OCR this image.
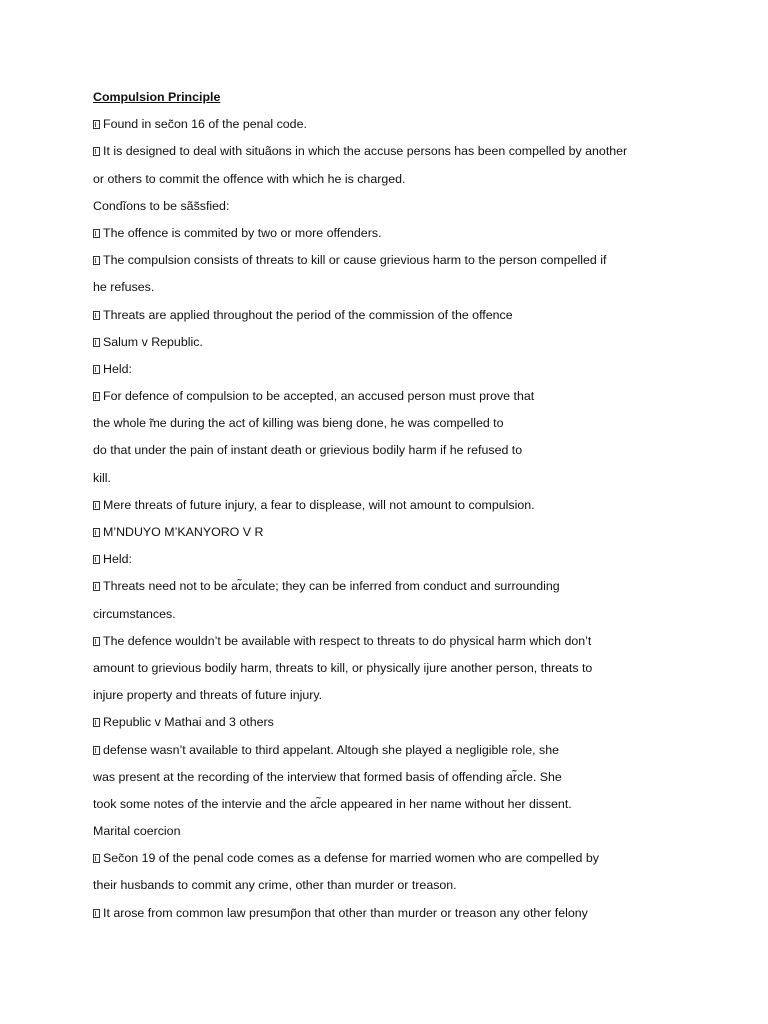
Compulsion Principle
Found in sec̃on 16 of the penal code.
It is designed to deal with situãons in which the accuse persons has been compelled by another
or others to commit the offence with which he is charged.
Condĩons to be sãs̃sfied:
The offence is commited by two or more offenders.
The compulsion consists of threats to kill or cause grievious harm to the person compelled if
he refuses.
Threats are applied throughout the period of the commission of the offence
Salum v Republic.
Held:
For defence of compulsion to be accepted, an accused person must prove that
the whole ̃me during the act of killing was bieng done, he was compelled to
do that under the pain of instant death or grievious bodily harm if he refused to
kill.
Mere threats of future injury, a fear to displease, will not amount to compulsion.
M’NDUYO M’KANYORO V R
Held:
Threats need not to be ar̃culate; they can be inferred from conduct and surrounding
circumstances.
The defence wouldn’t be available with respect to threats to do physical harm which don’t
amount to grievious bodily harm, threats to kill, or physically ijure another person, threats to
injure property and threats of future injury.
Republic v Mathai and 3 others
defense wasn’t available to third appelant. Altough she played a negligible role, she
was present at the recording of the interview that formed basis of offending ar̃cle. She
took some notes of the intervie and the ar̃cle appeared in her name without her dissent.
Marital coercion
Sec̃on 19 of the penal code comes as a defense for married women who are compelled by
their husbands to commit any crime, other than murder or treason.
It arose from common law presump̃on that other than murder or treason any other felony
